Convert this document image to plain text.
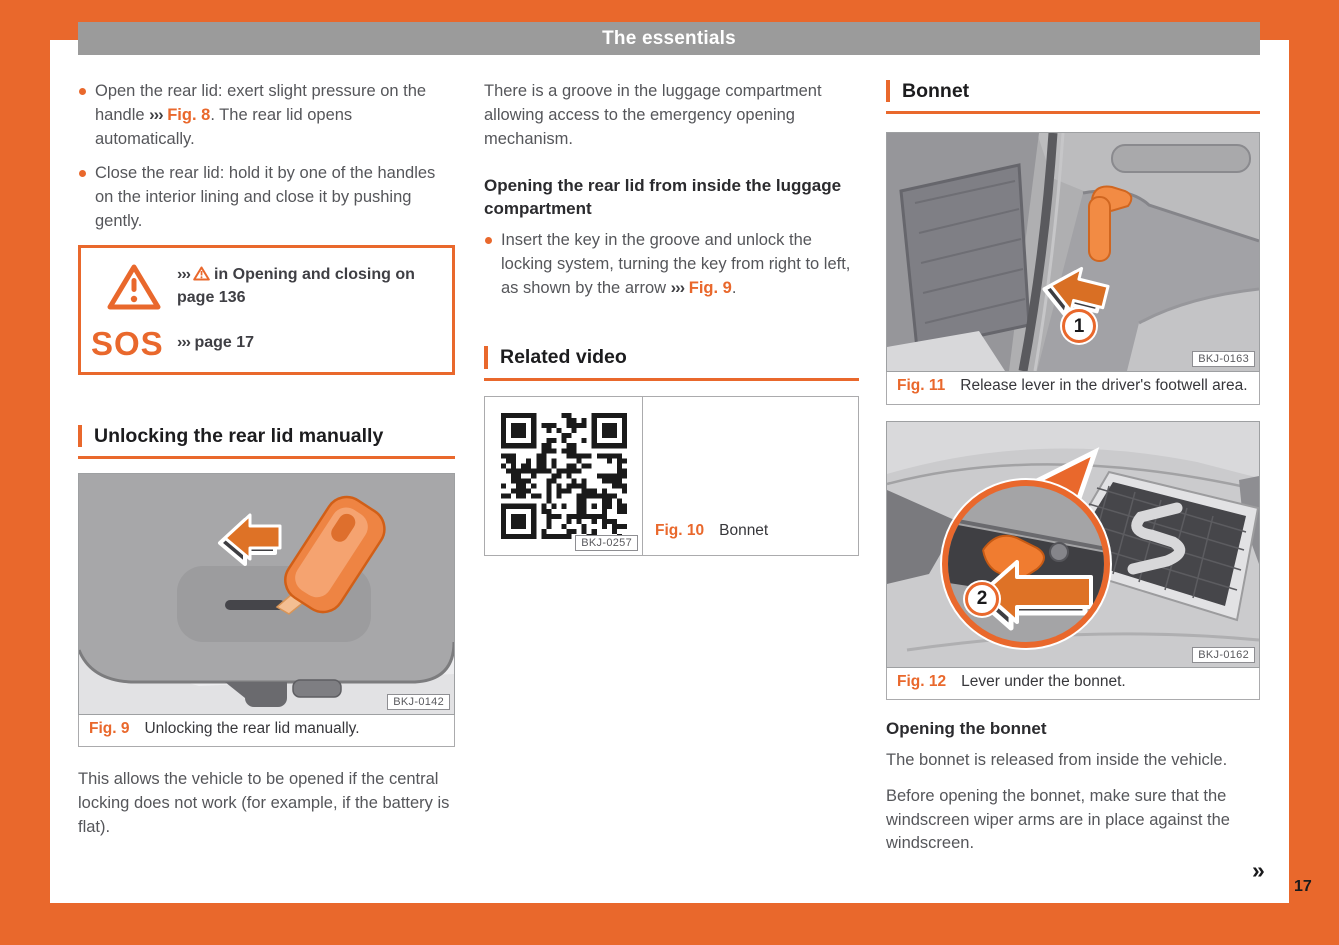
The essentials
Open the rear lid: exert slight pressure on the handle ››› Fig. 8. The rear lid opens automatically.
Close the rear lid: hold it by one of the handles on the interior lining and close it by pushing gently.
››› in Opening and closing on page 136
SOS ››› page 17
Unlocking the rear lid manually
BKJ-0142
Fig. 9 Unlocking the rear lid manually.

This allows the vehicle to be opened if the central locking does not work (for example, if the battery is flat).

There is a groove in the luggage compartment allowing access to the emergency opening mechanism.

Opening the rear lid from inside the luggage compartment
Insert the key in the groove and unlock the locking system, turning the key from right to left, as shown by the arrow ››› Fig. 9.
Related video
BKJ-0257
Fig. 10 Bonnet
Bonnet
1
BKJ-0163
Fig. 11 Release lever in the driver's footwell area.
2
BKJ-0162
Fig. 12 Lever under the bonnet.
Opening the bonnet

The bonnet is released from inside the vehicle.

Before opening the bonnet, make sure that the windscreen wiper arms are in place against the windscreen.

»
17
